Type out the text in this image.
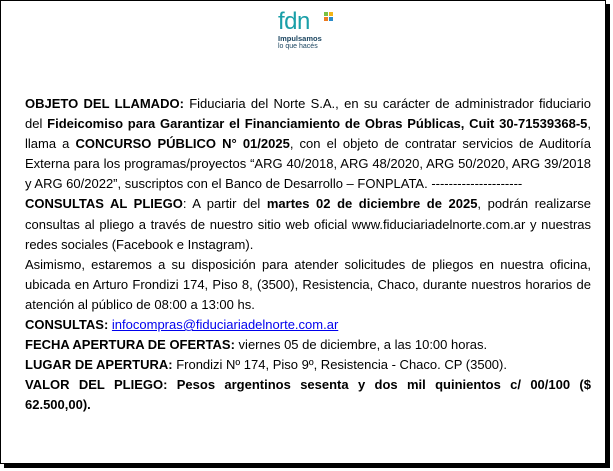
fdn
Impulsamos
lo que hacés

OBJETO DEL LLAMADO: Fiduciaria del Norte S.A., en su carácter de administrador fiduciario del Fideicomiso para Garantizar el Financiamiento de Obras Públicas, Cuit 30-71539368-5, llama a CONCURSO PÚBLICO N° 01/2025, con el objeto de contratar servicios de Auditoría Externa para los programas/proyectos “ARG 40/2018, ARG 48/2020, ARG 50/2020, ARG 39/2018 y ARG 60/2022”, suscriptos con el Banco de Desarrollo – FONPLATA. ---------------------

CONSULTAS AL PLIEGO: A partir del martes 02 de diciembre de 2025, podrán realizarse consultas al pliego a través de nuestro sitio web oficial www.fiduciariadelnorte.com.ar y nuestras redes sociales (Facebook e Instagram).

Asimismo, estaremos a su disposición para atender solicitudes de pliegos en nuestra oficina, ubicada en Arturo Frondizi 174, Piso 8, (3500), Resistencia, Chaco, durante nuestros horarios de atención al público de 08:00 a 13:00 hs.

CONSULTAS: infocompras@fiduciariadelnorte.com.ar

FECHA APERTURA DE OFERTAS: viernes 05 de diciembre, a las 10:00 horas.

LUGAR DE APERTURA: Frondizi Nº 174, Piso 9º, Resistencia - Chaco. CP (3500).

VALOR DEL PLIEGO: Pesos argentinos sesenta y dos mil quinientos c/ 00/100 ($ 62.500,00).
